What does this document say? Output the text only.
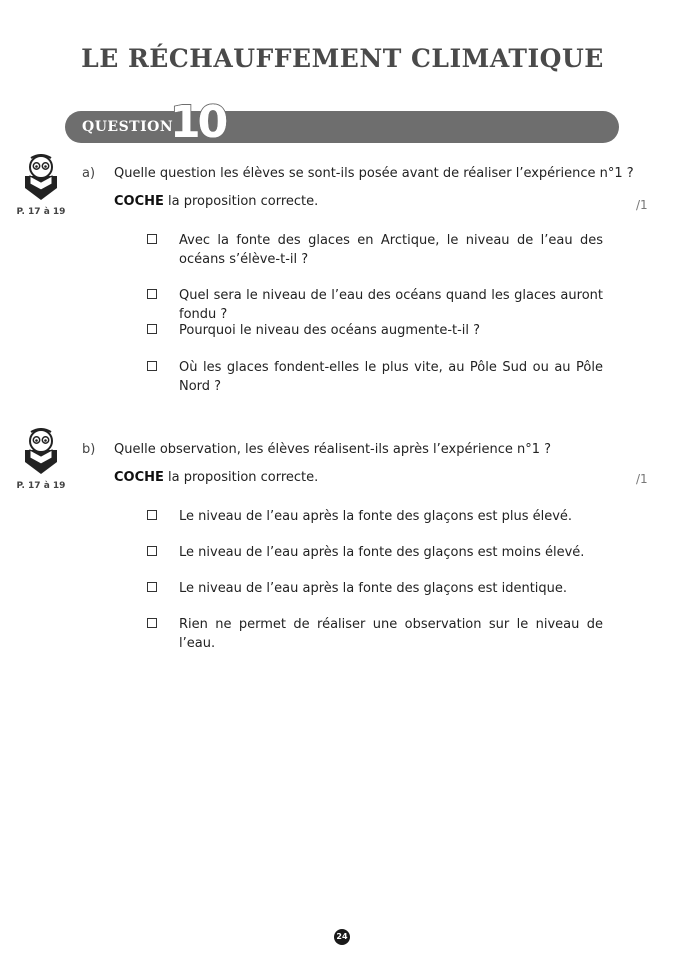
LE RÉCHAUFFEMENT CLIMATIQUE
QUESTION
10
P. 17 à 19
a) Quelle question les élèves se sont-ils posée avant de réaliser l’expérience n°1 ?
COCHE la proposition correcte.	/1
Avec la fonte des glaces en Arctique, le niveau de l’eau des océans s’élève-t-il ?
Quel sera le niveau de l’eau des océans quand les glaces auront fondu ?
Pourquoi le niveau des océans augmente-t-il ?
Où les glaces fondent-elles le plus vite, au Pôle Sud ou au Pôle Nord ?
P. 17 à 19
b) Quelle observation, les élèves réalisent-ils après l’expérience n°1 ?
COCHE la proposition correcte.	/1
Le niveau de l’eau après la fonte des glaçons est plus élevé.
Le niveau de l’eau après la fonte des glaçons est moins élevé.
Le niveau de l’eau après la fonte des glaçons est identique.
Rien ne permet de réaliser une observation sur le niveau de l’eau.
24
